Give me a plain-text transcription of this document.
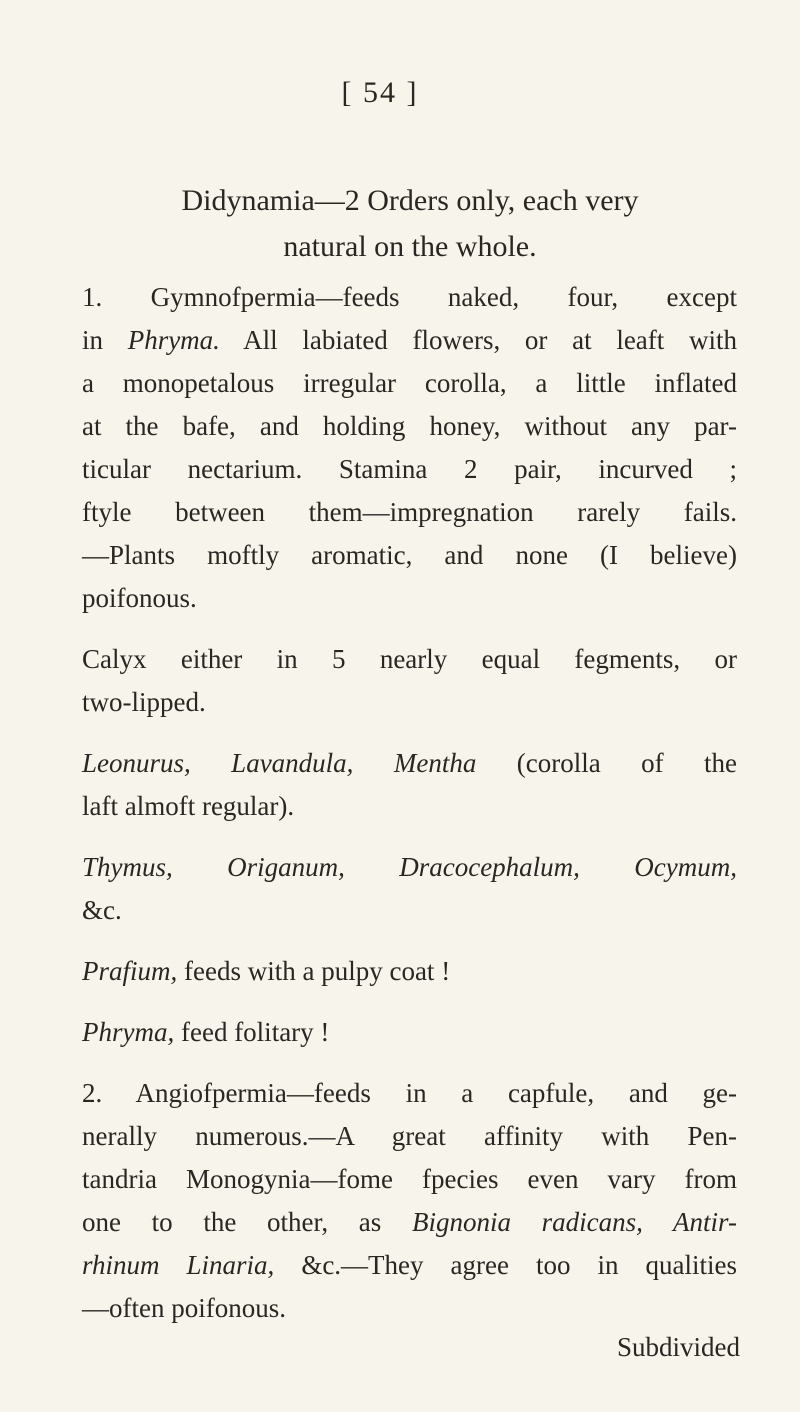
[ 54 ]
Didynamia—2 Orders only, each very
natural on the whole.

1. Gymnofpermia—feeds naked, four, except
in Phryma. All labiated flowers, or at leaft with
a monopetalous irregular corolla, a little inflated
at the bafe, and holding honey, without any par-
ticular nectarium. Stamina 2 pair, incurved ;
ftyle between them—impregnation rarely fails.
—Plants moftly aromatic, and none (I believe)
poifonous.

Calyx either in 5 nearly equal fegments, or
two-lipped.

Leonurus, Lavandula, Mentha (corolla of the
laft almoft regular).

Thymus, Origanum, Dracocephalum, Ocymum,
&c.

Prafium, feeds with a pulpy coat !

Phryma, feed folitary !

2. Angiofpermia—feeds in a capfule, and ge-
nerally numerous.—A great affinity with Pen-
tandria Monogynia—fome fpecies even vary from
one to the other, as Bignonia radicans, Antir-
rhinum Linaria, &c.—They agree too in qualities
—often poifonous.

Subdivided
